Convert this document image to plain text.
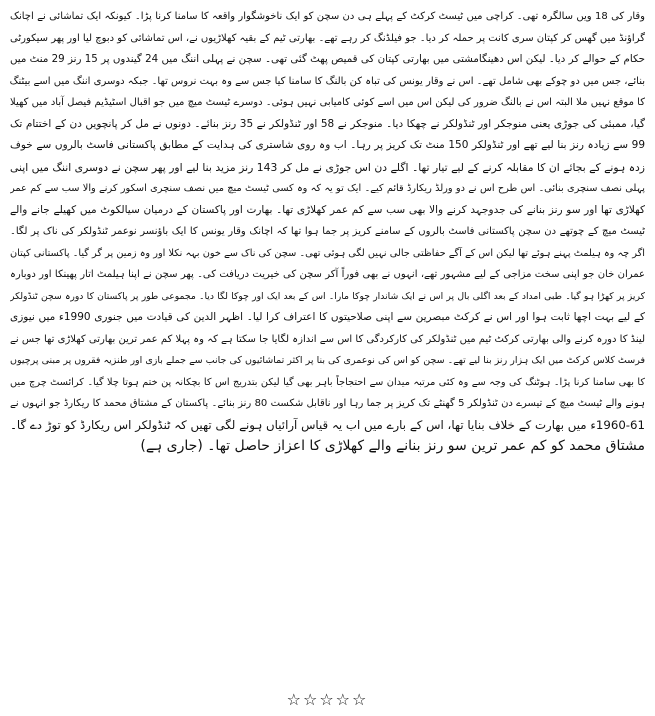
وقار کی 18 ویں سالگرہ تھی۔ کراچی میں ٹیسٹ کرکٹ کے پہلے ہی دن سچن کو ایک ناخوشگوار واقعہ کا سامنا کرنا پڑا۔ کیونکہ ایک تماشائی نے اچانک
گراؤنڈ میں گھس کر کپتان سری کانت پر حملہ کر دیا۔ جو فیلڈنگ کر رہے تھے۔ بھارتی ٹیم کے بقیہ کھلاڑیوں نے، اس تماشائی کو دبوچ لیا اور پھر سیکورٹی
حکام کے حوالے کر دیا۔ لیکن اس دھینگامشتی میں بھارتی کپتان کی قمیص پھٹ گئی تھی۔ سچن نے پہلی اننگ میں 24 گیندوں پر 15 رنز 29 منٹ میں
بنائے، جس میں دو چوکے بھی شامل تھے۔ اس نے وقار یونس کی تباہ کن بالنگ کا سامنا کیا جس سے وہ بہت نروس تھا۔ جبکہ دوسری اننگ میں اسے بیٹنگ
کا موقع نہیں ملا البتہ اس نے بالنگ ضرور کی لیکن اس میں اسے کوئی کامیابی نہیں ہوئی۔ دوسرے ٹیسٹ میچ میں جو اقبال اسٹیڈیم فیصل آباد میں کھیلا
گیا، ممبئی کی جوڑی یعنی منوجکر اور ٹنڈولکر نے چھکا دیا۔ منوجکر نے 58 اور ٹنڈولکر نے 35 رنز بنائے۔ دونوں نے مل کر پانچویں دن کے اختتام تک
99 سے زیادہ رنز بنا لیے تھے اور ٹنڈولکر 150 منٹ تک کریز پر رہا۔ اب وہ روی شاستری کی ہدایت کے مطابق پاکستانی فاسٹ بالروں سے خوف
زدہ ہونے کے بجائے ان کا مقابلہ کرنے کے لیے تیار تھا۔ اگلے دن اس جوڑی نے مل کر 143 رنز مزید بنا لیے اور پھر سچن نے دوسری اننگ میں اپنی
پہلی نصف سنچری بنائی۔ اس طرح اس نے دو ورلڈ ریکارڈ قائم کیے۔ ایک تو یہ کہ وہ کسی ٹیسٹ میچ میں نصف سنچری اسکور کرنے والا سب سے کم عمر
کھلاڑی تھا اور سو رنز بنانے کی جدوجہد کرنے والا بھی سب سے کم عمر کھلاڑی تھا۔ بھارت اور پاکستان کے درمیان سیالکوٹ میں کھیلے جانے والے
ٹیسٹ میچ کے چوتھے دن سچن پاکستانی فاسٹ بالروں کے سامنے کریز پر جما ہوا تھا کہ اچانک وقار یونس کا ایک باؤنسر نوعمر ٹنڈولکر کی ناک پر لگا۔
اگر چہ وہ ہیلمٹ پہنے ہوئے تھا لیکن اس کے آگے حفاظتی جالی نہیں لگی ہوئی تھی۔ سچن کی ناک سے خون بہہ نکلا اور وہ زمین پر گر گیا۔ پاکستانی کپتان
عمران خان جو اپنی سخت مزاجی کے لیے مشہور تھے، انہوں نے بھی فوراً آکر سچن کی خیریت دریافت کی۔ پھر سچن نے اپنا ہیلمٹ اتار پھینکا اور دوبارہ
کریز پر کھڑا ہو گیا۔ طبی امداد کے بعد اگلی بال پر اس نے ایک شاندار چوکا مارا۔ اس کے بعد ایک اور چوکا لگا دیا۔ مجموعی طور پر پاکستان کا دورہ سچن ٹنڈولکر
کے لیے بہت اچھا ثابت ہوا اور اس نے کرکٹ مبصرین سے اپنی صلاحیتوں کا اعتراف کرا لیا۔ اظہر الدین کی قیادت میں جنوری 1990ء میں نیوزی
لینڈ کا دورہ کرنے والی بھارتی کرکٹ ٹیم میں ٹنڈولکر کی کارکردگی کا اس سے اندازہ لگایا جا سکتا ہے کہ وہ پہلا کم عمر ترین بھارتی کھلاڑی تھا جس نے
فرسٹ کلاس کرکٹ میں ایک ہزار رنز بنا لیے تھے۔ سچن کو اس کی نوعمری کی بنا پر اکثر تماشائیوں کی جانب سے جملے بازی اور طنزیہ فقروں پر مبنی پرچیوں
کا بھی سامنا کرنا پڑا۔ ہوٹنگ کی وجہ سے وہ کئی مرتبہ میدان سے احتجاجاً باہر بھی گیا لیکن بتدریج اس کا بچکانہ پن ختم ہوتا چلا گیا۔ کرائسٹ چرچ میں
ہونے والے ٹیسٹ میچ کے تیسرے دن ٹنڈولکر 5 گھنٹے تک کریز پر جما رہا اور ناقابل شکست 80 رنز بنائے۔ پاکستان کے مشتاق محمد کا ریکارڈ جو انہوں نے
1960-61ء میں بھارت کے خلاف بنایا تھا، اس کے بارے میں اب یہ قیاس آرائیاں ہونے لگی تھیں کہ ٹنڈولکر اس ریکارڈ کو توڑ دے گا۔
مشتاق محمد کو کم عمر ترین سو رنز بنانے والے کھلاڑی کا اعزاز حاصل تھا۔ (جاری ہے)
☆☆☆☆☆
